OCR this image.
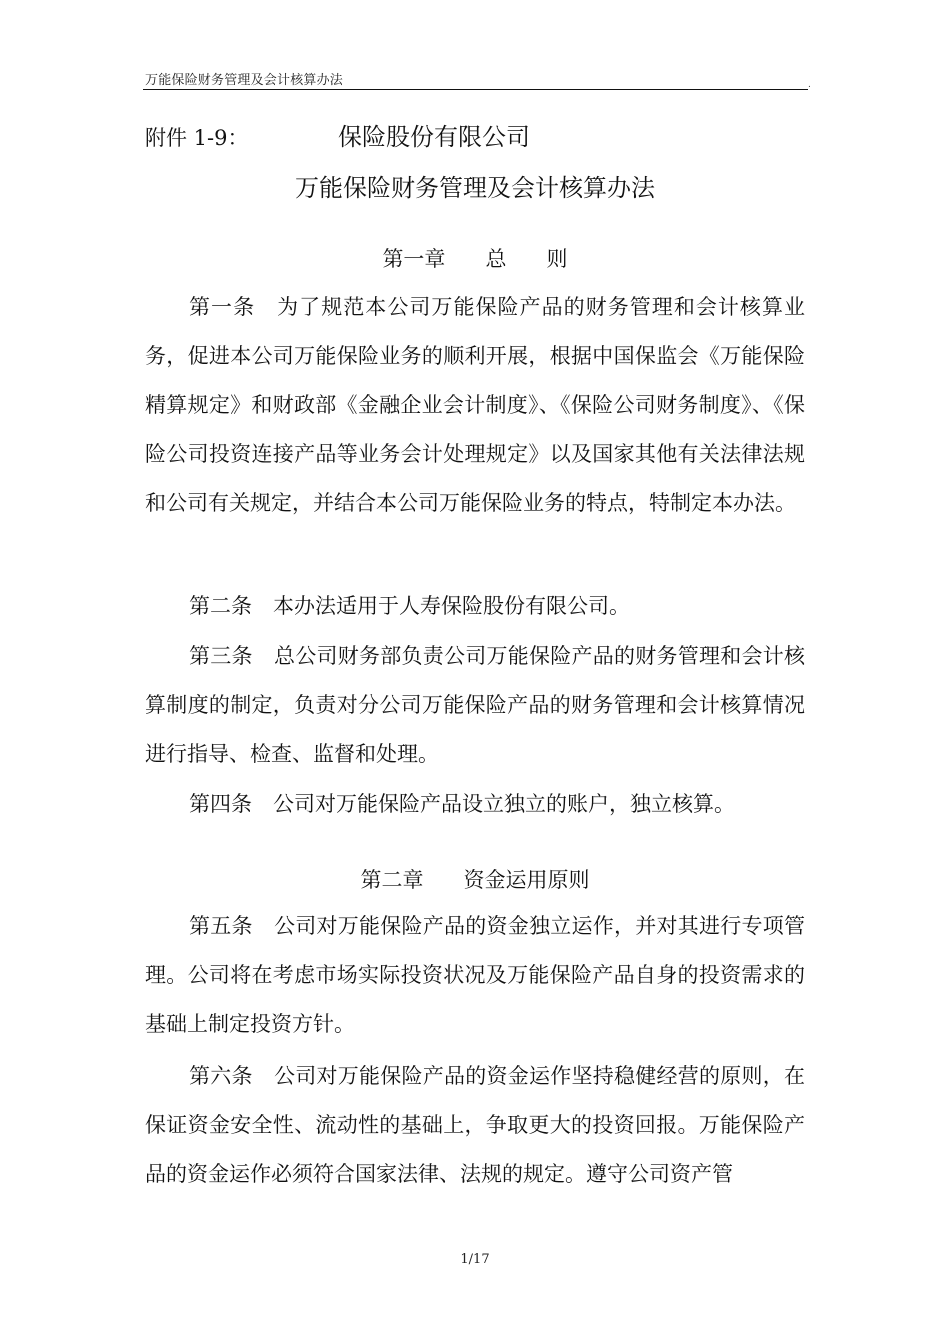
万能保险财务管理及会计核算办法	.
附件 1-9：	保险股份有限公司
万能保险财务管理及会计核算办法
第一章      总      则
第一条　为了规范本公司万能保险产品的财务管理和会计核算业务，促进本公司万能保险业务的顺利开展，根据中国保监会《万能保险精算规定》和财政部《金融企业会计制度》、《保险公司财务制度》、《保险公司投资连接产品等业务会计处理规定》以及国家其他有关法律法规和公司有关规定，并结合本公司万能保险业务的特点，特制定本办法。
第二条　本办法适用于人寿保险股份有限公司。
第三条　总公司财务部负责公司万能保险产品的财务管理和会计核算制度的制定，负责对分公司万能保险产品的财务管理和会计核算情况进行指导、检查、监督和处理。
第四条　公司对万能保险产品设立独立的账户，独立核算。
第二章      资金运用原则
第五条　公司对万能保险产品的资金独立运作，并对其进行专项管理。公司将在考虑市场实际投资状况及万能保险产品自身的投资需求的基础上制定投资方针。
第六条　公司对万能保险产品的资金运作坚持稳健经营的原则，在保证资金安全性、流动性的基础上，争取更大的投资回报。万能保险产品的资金运作必须符合国家法律、法规的规定。遵守公司资产管
1/17
